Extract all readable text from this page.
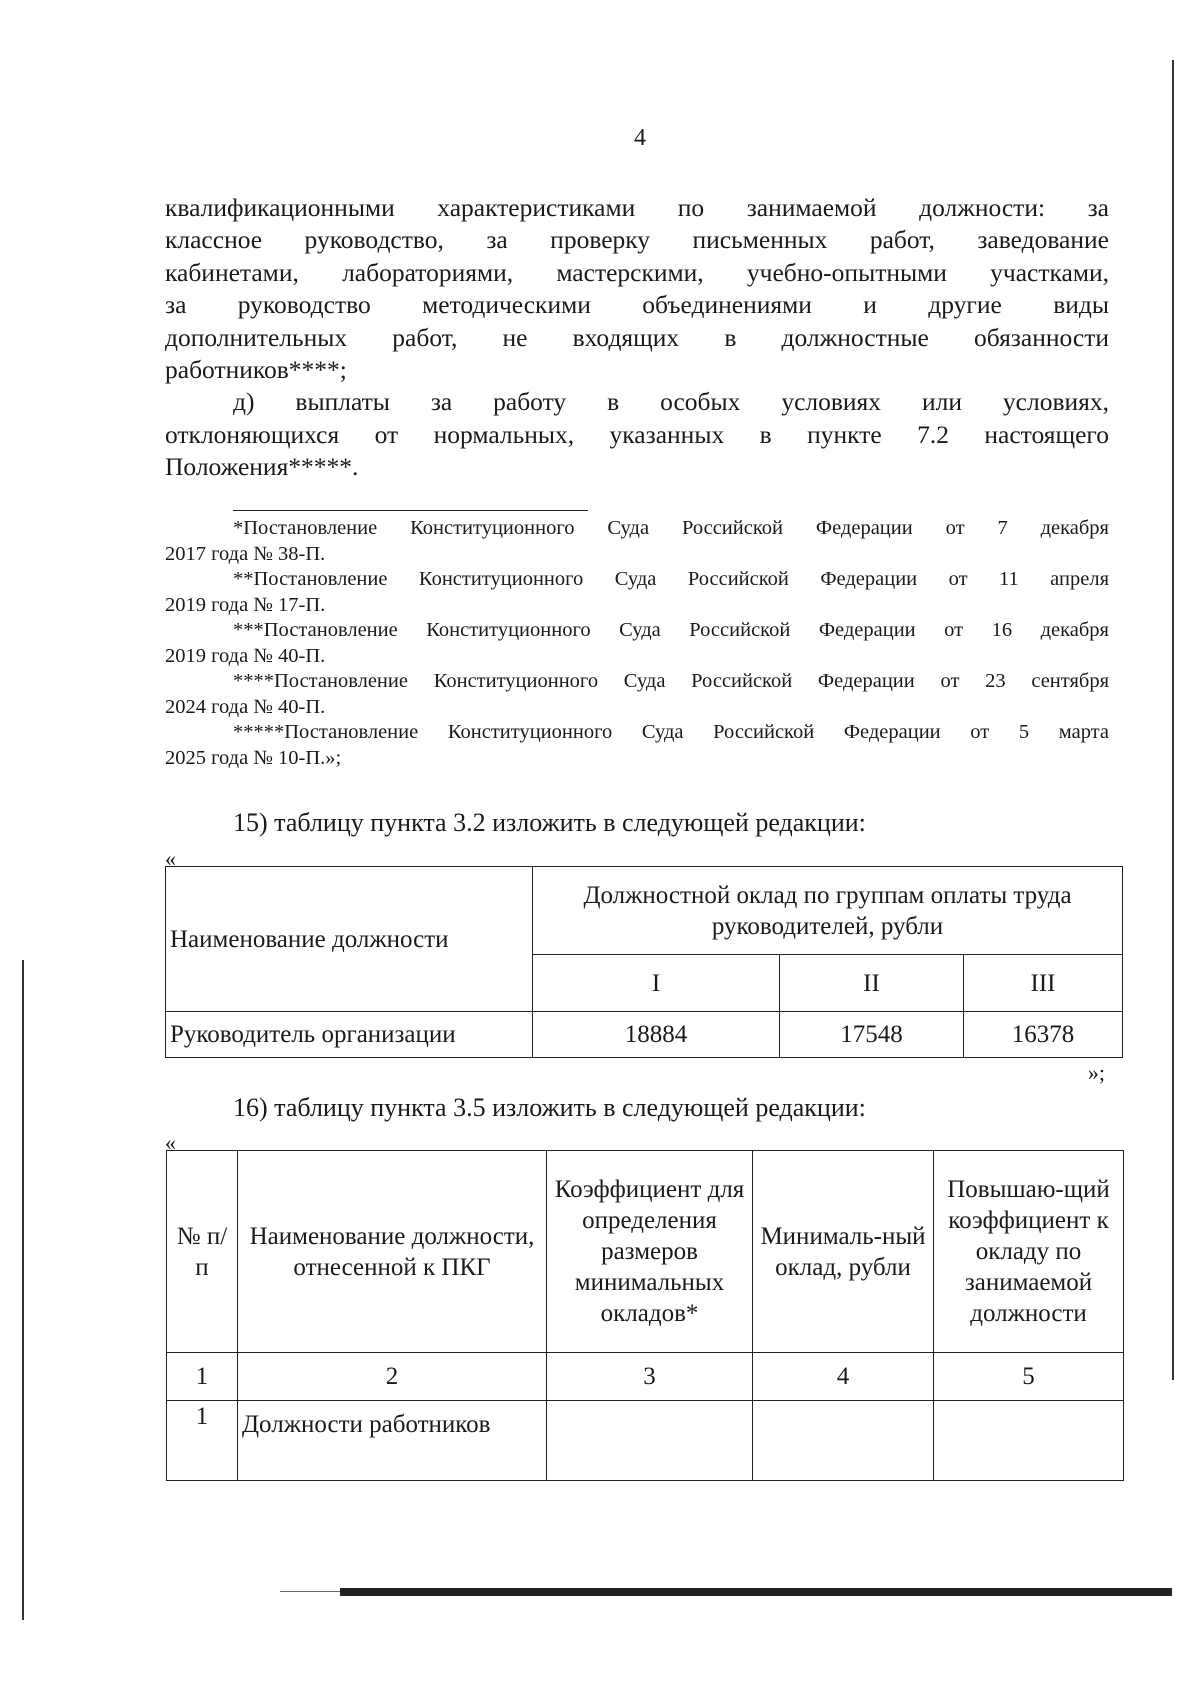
4
квалификационными характеристиками по занимаемой должности: за
классное руководство, за проверку письменных работ, заведование
кабинетами, лабораториями, мастерскими, учебно-опытными участками,
за руководство методическими объединениями и другие виды
дополнительных работ, не входящих в должностные обязанности
работников****;
д) выплаты за работу в особых условиях или условиях,
отклоняющихся от нормальных, указанных в пункте 7.2 настоящего
Положения*****.
*Постановление Конституционного Суда Российской Федерации от 7 декабря
2017 года № 38-П.
**Постановление Конституционного Суда Российской Федерации от 11 апреля
2019 года № 17-П.
***Постановление Конституционного Суда Российской Федерации от 16 декабря
2019 года № 40-П.
****Постановление Конституционного Суда Российской Федерации от 23 сентября
2024 года № 40-П.
*****Постановление Конституционного Суда Российской Федерации от 5 марта
2025 года № 10-П.»;
15) таблицу пункта 3.2 изложить в следующей редакции:
«
Наименование должности	Должностной оклад по группам оплаты труда руководителей, рубли		
	I	II	III
Руководитель организации	18884	17548	16378
»;
16) таблицу пункта 3.5 изложить в следующей редакции:
«
№ п/п	Наименование должности, отнесенной к ПКГ	Коэффициент для определения размеров минимальных окладов*	Минималь-ный оклад, рубли	Повышаю-щий коэффициент к окладу по занимаемой должности
1	2	3	4	5
1	Должности работников			
